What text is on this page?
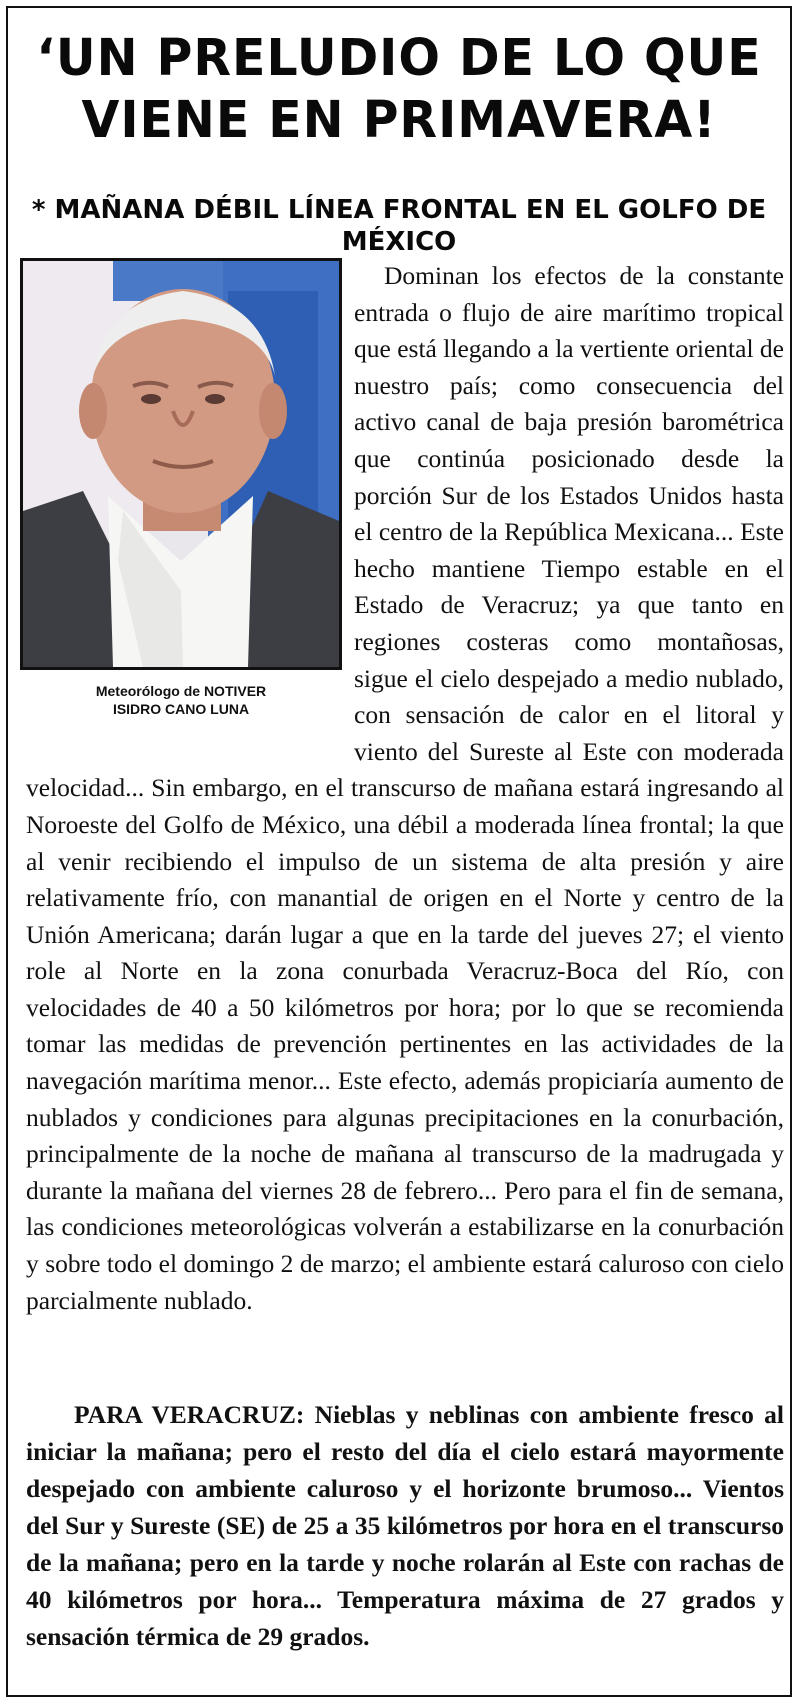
‘UN PRELUDIO DE LO QUE
VIENE EN PRIMAVERA!
* MAÑANA DÉBIL LÍNEA FRONTAL EN EL GOLFO DE MÉXICO
Meteorólogo de NOTIVER
ISIDRO CANO LUNA
Dominan los efectos de la constante entrada o flujo de aire marítimo tropical que está llegando a la vertiente oriental de nuestro país; como consecuencia del activo canal de baja presión barométrica que continúa posicionado desde la porción Sur de los Estados Unidos hasta el centro de la República Mexicana... Este hecho mantiene Tiempo estable en el Estado de Veracruz; ya que tanto en regiones costeras como montañosas, sigue el cielo despejado a medio nublado, con sensación de calor en el litoral y viento del Sureste al Este con moderada velocidad... Sin embargo, en el transcurso de mañana estará ingresando al Noroeste del Golfo de México, una débil a moderada línea frontal; la que al venir recibiendo el impulso de un sistema de alta presión y aire relativamente frío, con manantial de origen en el Norte y centro de la Unión Americana; darán lugar a que en la tarde del jueves 27; el viento role al Norte en la zona conurbada Veracruz-Boca del Río, con velocidades de 40 a 50 kilómetros por hora; por lo que se recomienda tomar las medidas de prevención pertinentes en las actividades de la navegación marítima menor... Este efecto, además propiciaría aumento de nublados y condiciones para algunas precipitaciones en la conurbación, principalmente de la noche de mañana al transcurso de la madrugada y durante la mañana del viernes 28 de febrero... Pero para el fin de semana, las condiciones meteorológicas volverán a estabilizarse en la conurbación y sobre todo el domingo 2 de marzo; el ambiente estará caluroso con cielo parcialmente nublado.
PARA VERACRUZ: Nieblas y neblinas con ambiente fresco al iniciar la mañana; pero el resto del día el cielo estará mayormente despejado con ambiente caluroso y el horizonte brumoso... Vientos del Sur y Sureste (SE) de 25 a 35 kilómetros por hora en el transcurso de la mañana; pero en la tarde y noche rolarán al Este con rachas de 40 kilómetros por hora... Temperatura máxima de 27 grados y sensación térmica de 29 grados.
